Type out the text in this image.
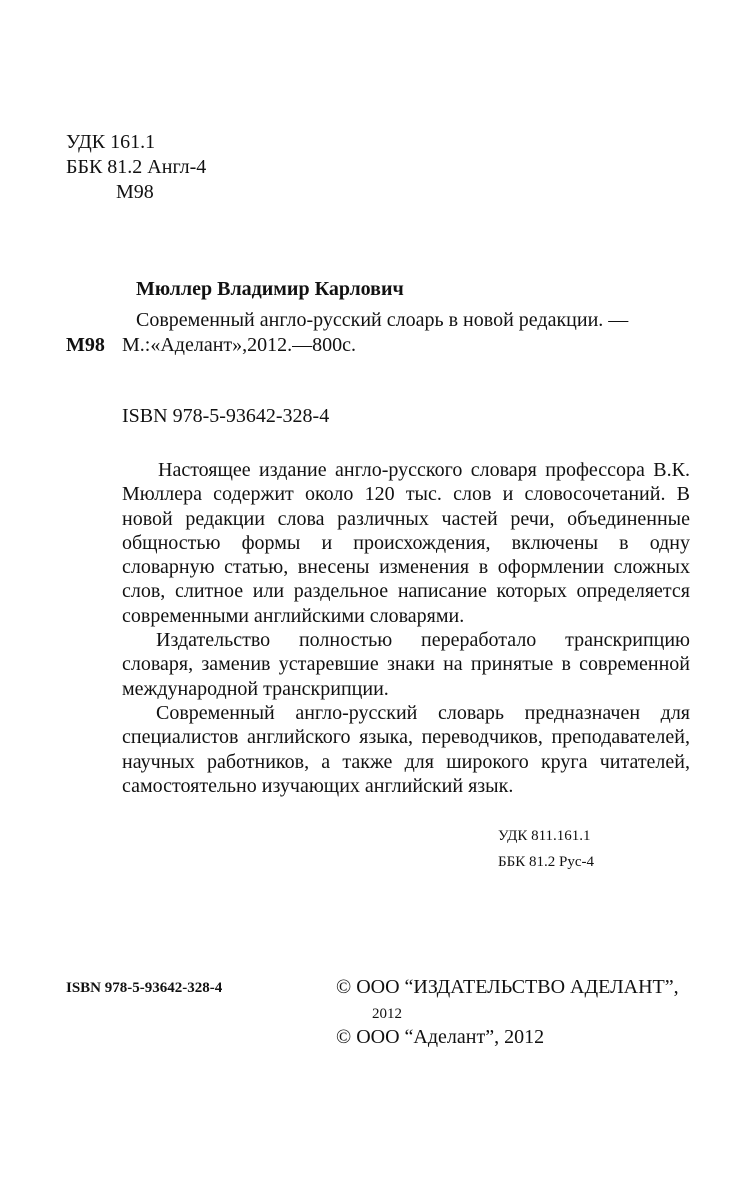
УДК 161.1
ББК 81.2 Англ-4
М98
Мюллер Владимир Карлович
Современный англо-русский слоарь в новой редакции. —
М98 М.:«Аделант»,2012.—800с.
ISBN 978-5-93642-328-4

Настоящее издание англо-русского словаря профессора В.К. Мюллера содержит около 120 тыс. слов и словосочетаний. В новой редакции слова различных частей речи, объединенные общностью формы и происхождения, включены в одну словарную статью, внесены изменения в оформлении сложных слов, слитное или раздельное написание которых определяется современными английскими словарями.

Издательство полностью переработало транскрипцию словаря, заменив устаревшие знаки на принятые в современной международной транскрипции.

Современный англо-русский словарь предназначен для специалистов английского языка, переводчиков, преподавателей, научных работников, а также для широкого круга читателей, самостоятельно изучающих английский язык.

УДК 811.161.1
ББК 81.2 Рус-4
ISBN 978-5-93642-328-4	© ООО “ИЗДАТЕЛЬСТВО АДЕЛАНТ”,
2012
© ООО “Аделант”, 2012
